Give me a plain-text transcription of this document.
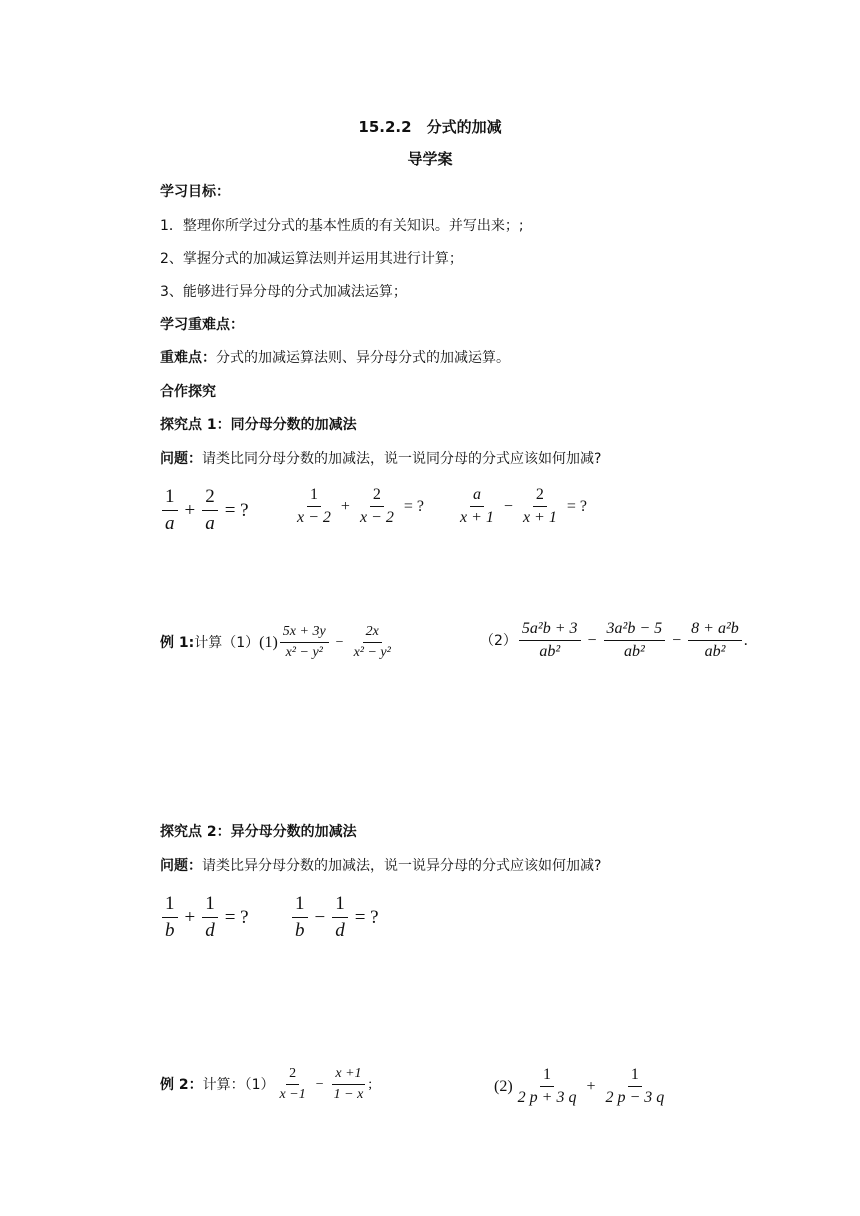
15.2.2　分式的加减
导学案
学习目标：
1．整理你所学过分式的基本性质的有关知识。并写出来；;
2、掌握分式的加减运算法则并运用其进行计算；
3、能够进行异分母的分式加减法运算；
学习重难点：
重难点：分式的加减运算法则、异分母分式的加减运算。
合作探究
探究点 1：同分母分数的加减法
问题：请类比同分母分数的加减法，说一说同分母的分式应该如何加减?
$\frac{1}{a} + \frac{2}{a}$ = ?	$\frac{1}{x - 2} + \frac{2}{x - 2}$ = ? $\frac{a}{x + 1} - \frac{2}{x + 1}$ = ?
例 1: 计算（1） $(1) \frac{5x + 3y}{\text{x² − y²}} - \frac{2x}{\text{x² − y²}}$	$(2) \frac{\text{5a²b + 3}}{\text{ab²}} - \frac{\text{3a²b − 5}}{\text{ab²}} - \frac{\text{8 + a²b}}{\text{ab²}}$ .
探究点 2：异分母分数的加减法
问题：请类比异分母分数的加减法，说一说异分母的分式应该如何加减?
$\frac{1}{b} + \frac{1}{d}$ = ? $\frac{1}{b} - \frac{1}{d}$ = ?
例 2： 计算：$(1) \frac{2}{x -1} - \frac{x +1}{1 - x}$ ;	$(2) \frac{1}{2 p + 3 q} + \frac{1}{2 p - 3 q}$
